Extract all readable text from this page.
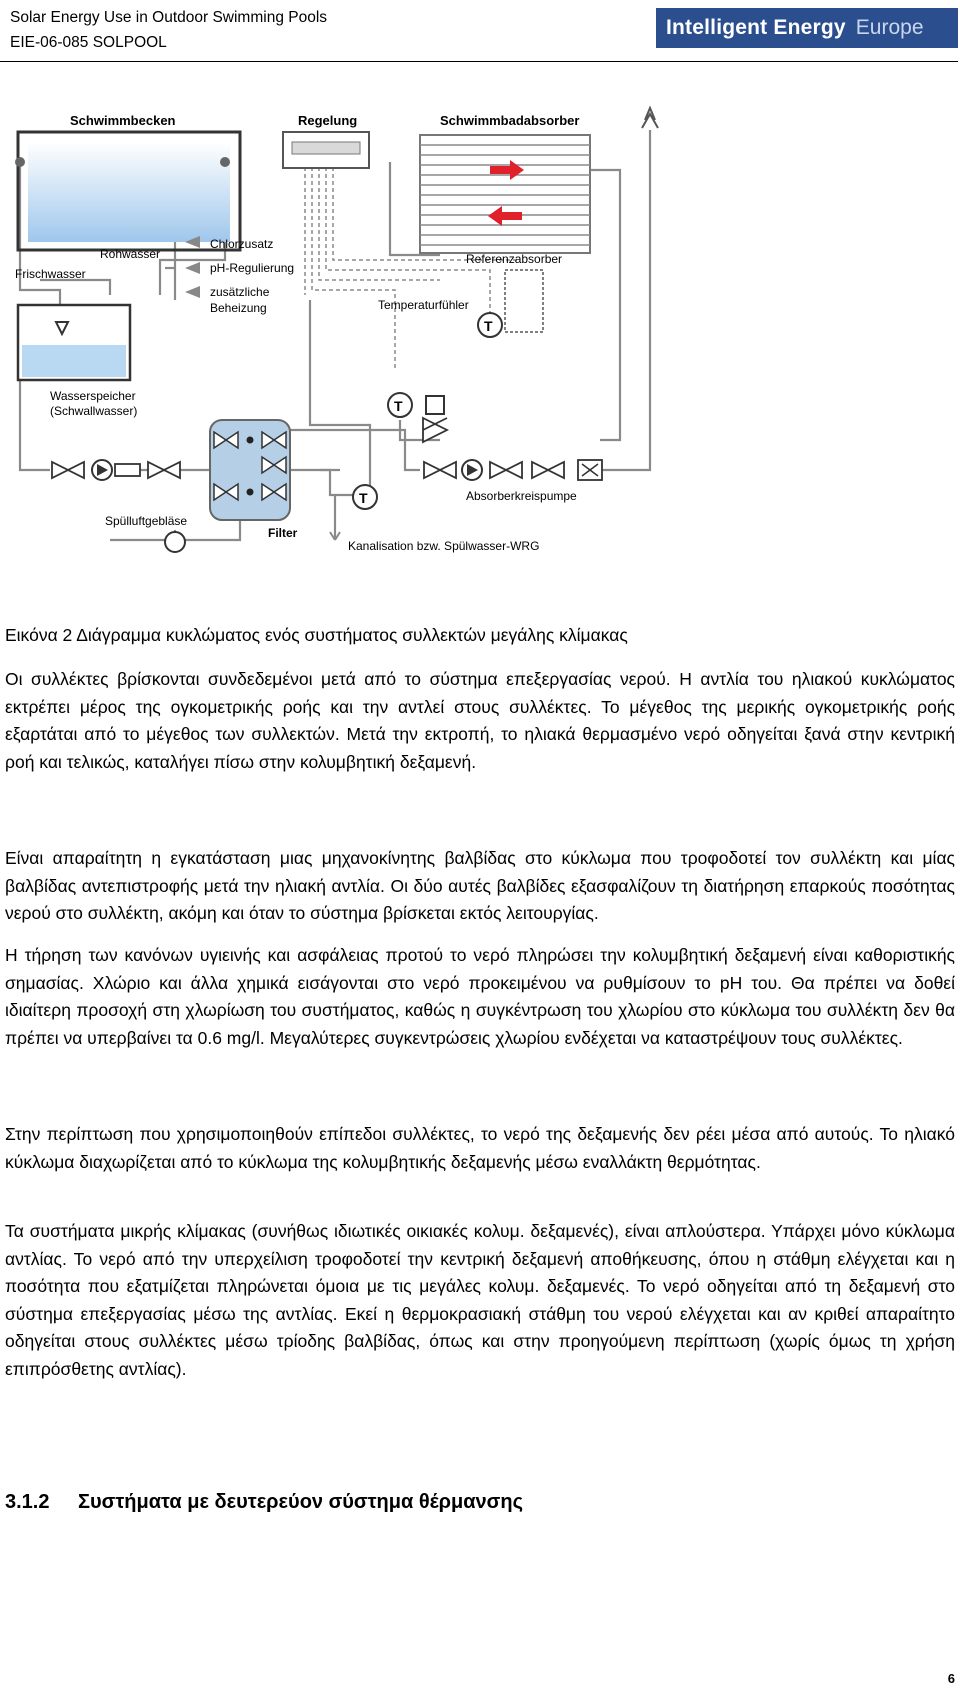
Solar Energy Use in Outdoor Swimming Pools
EIE-06-085 SOLPOOL
Intelligent Energy Europe
Schwimmbecken	Regelung	Schwimmbadabsorber
Frischwasser
Rohwasser
Chlorzusatz
pH-Regulierung
zusätzliche
Beheizung
Referenzabsorber
Temperaturfühler
T
Wasserspeicher
(Schwallwasser)
Filter
Spülluftgebläse
T
Kanalisation bzw. Spülwasser-WRG
T
Absorberkreispumpe
Εικόνα 2 Διάγραμμα κυκλώματος ενός συστήματος συλλεκτών μεγάλης κλίμακας
Οι συλλέκτες βρίσκονται συνδεδεμένοι μετά από το σύστημα επεξεργασίας νερού. Η αντλία του ηλιακού κυκλώματος εκτρέπει μέρος της ογκομετρικής ροής και την αντλεί στους συλλέκτες. Το μέγεθος της μερικής ογκομετρικής ροής εξαρτάται από το μέγεθος των συλλεκτών. Μετά την εκτροπή, το ηλιακά θερμασμένο νερό οδηγείται ξανά στην κεντρική ροή και τελικώς, καταλήγει πίσω στην κολυμβητική δεξαμενή.
Είναι απαραίτητη η εγκατάσταση μιας μηχανοκίνητης βαλβίδας στο κύκλωμα που τροφοδοτεί τον συλλέκτη και μίας βαλβίδας αντεπιστροφής μετά την ηλιακή αντλία. Οι δύο αυτές βαλβίδες εξασφαλίζουν τη διατήρηση επαρκούς ποσότητας νερού στο συλλέκτη, ακόμη και όταν το σύστημα βρίσκεται εκτός λειτουργίας.
Η τήρηση των κανόνων υγιεινής και ασφάλειας προτού το νερό πληρώσει την κολυμβητική δεξαμενή είναι καθοριστικής σημασίας. Χλώριο και άλλα χημικά εισάγονται στο νερό προκειμένου να ρυθμίσουν το pH του. Θα πρέπει να δοθεί ιδιαίτερη προσοχή στη χλωρίωση του συστήματος, καθώς η συγκέντρωση του χλωρίου στο κύκλωμα του συλλέκτη δεν θα πρέπει να υπερβαίνει τα 0.6 mg/l. Μεγαλύτερες συγκεντρώσεις χλωρίου ενδέχεται να καταστρέψουν τους συλλέκτες.
Στην περίπτωση που χρησιμοποιηθούν επίπεδοι συλλέκτες, το νερό της δεξαμενής δεν ρέει μέσα από αυτούς. Το ηλιακό κύκλωμα διαχωρίζεται από το κύκλωμα της κολυμβητικής δεξαμενής μέσω εναλλάκτη θερμότητας.
Τα συστήματα μικρής κλίμακας (συνήθως ιδιωτικές οικιακές κολυμ. δεξαμενές), είναι απλούστερα. Υπάρχει μόνο κύκλωμα αντλίας. Το νερό από την υπερχείλιση τροφοδοτεί την κεντρική δεξαμενή αποθήκευσης, όπου η στάθμη ελέγχεται και η ποσότητα που εξατμίζεται πληρώνεται όμοια με τις μεγάλες κολυμ. δεξαμενές. Το νερό οδηγείται από τη δεξαμενή στο σύστημα επεξεργασίας μέσω της αντλίας. Εκεί η θερμοκρασιακή στάθμη του νερού ελέγχεται και αν κριθεί απαραίτητο οδηγείται στους συλλέκτες μέσω τρίοδης βαλβίδας, όπως και στην προηγούμενη περίπτωση (χωρίς όμως τη χρήση επιπρόσθετης αντλίας).
3.1.2 Συστήματα με δευτερεύον σύστημα θέρμανσης
6
